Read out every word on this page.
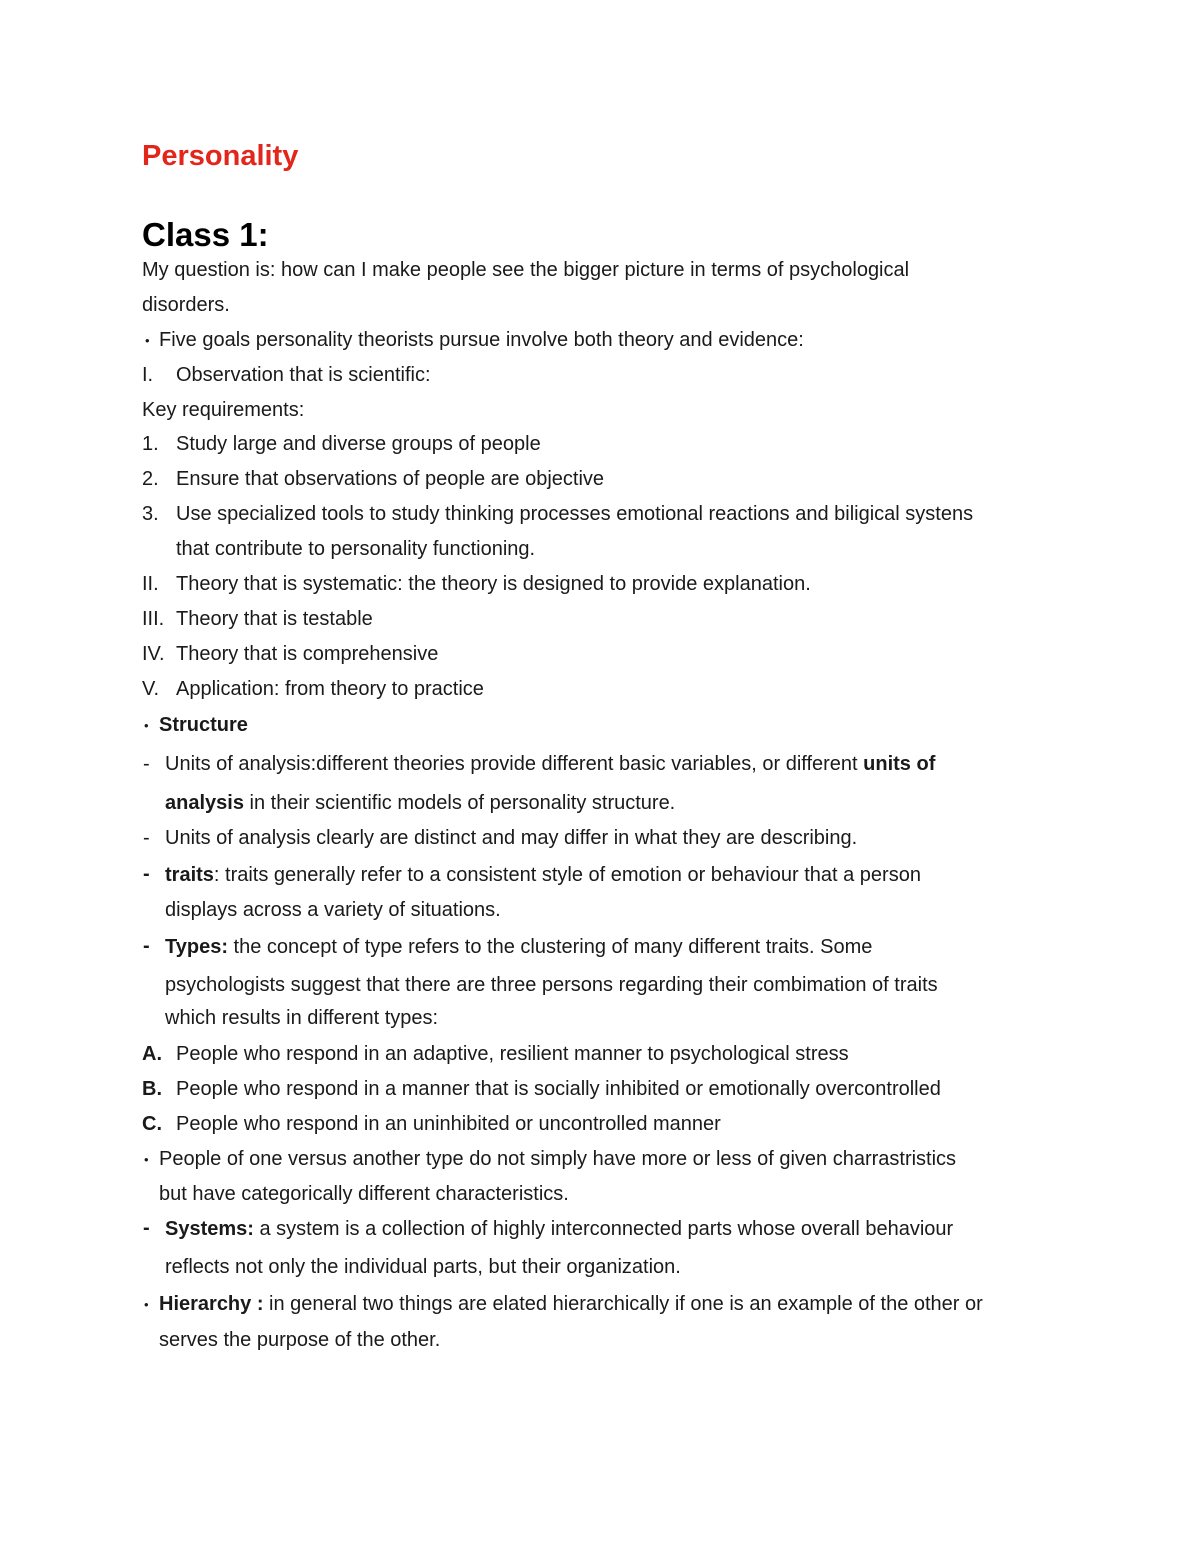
Personality
Class 1:
My question is: how can I make people see the bigger picture in terms of psychological
disorders.
• Five goals personality theorists pursue involve both theory and evidence:
I. Observation that is scientific:
Key requirements:
1. Study large and diverse groups of people
2. Ensure that observations of people are objective
3. Use specialized tools to study thinking processes emotional reactions and biligical systens
that contribute to personality functioning.
II. Theory that is systematic: the theory is designed to provide explanation.
III. Theory that is testable
IV. Theory that is comprehensive
V. Application: from theory to practice
• Structure
- Units of analysis:different theories provide different basic variables, or different units of
analysis in their scientific models of personality structure.
- Units of analysis clearly are distinct and may differ in what they are describing.
- traits: traits generally refer to a consistent style of emotion or behaviour that a person
displays across a variety of situations.
- Types: the concept of type refers to the clustering of many different traits. Some
psychologists suggest that there are three persons regarding their combimation of traits
which results in different types:
A. People who respond in an adaptive, resilient manner to psychological stress
B. People who respond in a manner that is socially inhibited or emotionally overcontrolled
C. People who respond in an uninhibited or uncontrolled manner
• People of one versus another type do not simply have more or less of given charrastristics
but have categorically different characteristics.
- Systems: a system is a collection of highly interconnected parts whose overall behaviour
reflects not only the individual parts, but their organization.
• Hierarchy : in general two things are elated hierarchically if one is an example of the other or
serves the purpose of the other.
